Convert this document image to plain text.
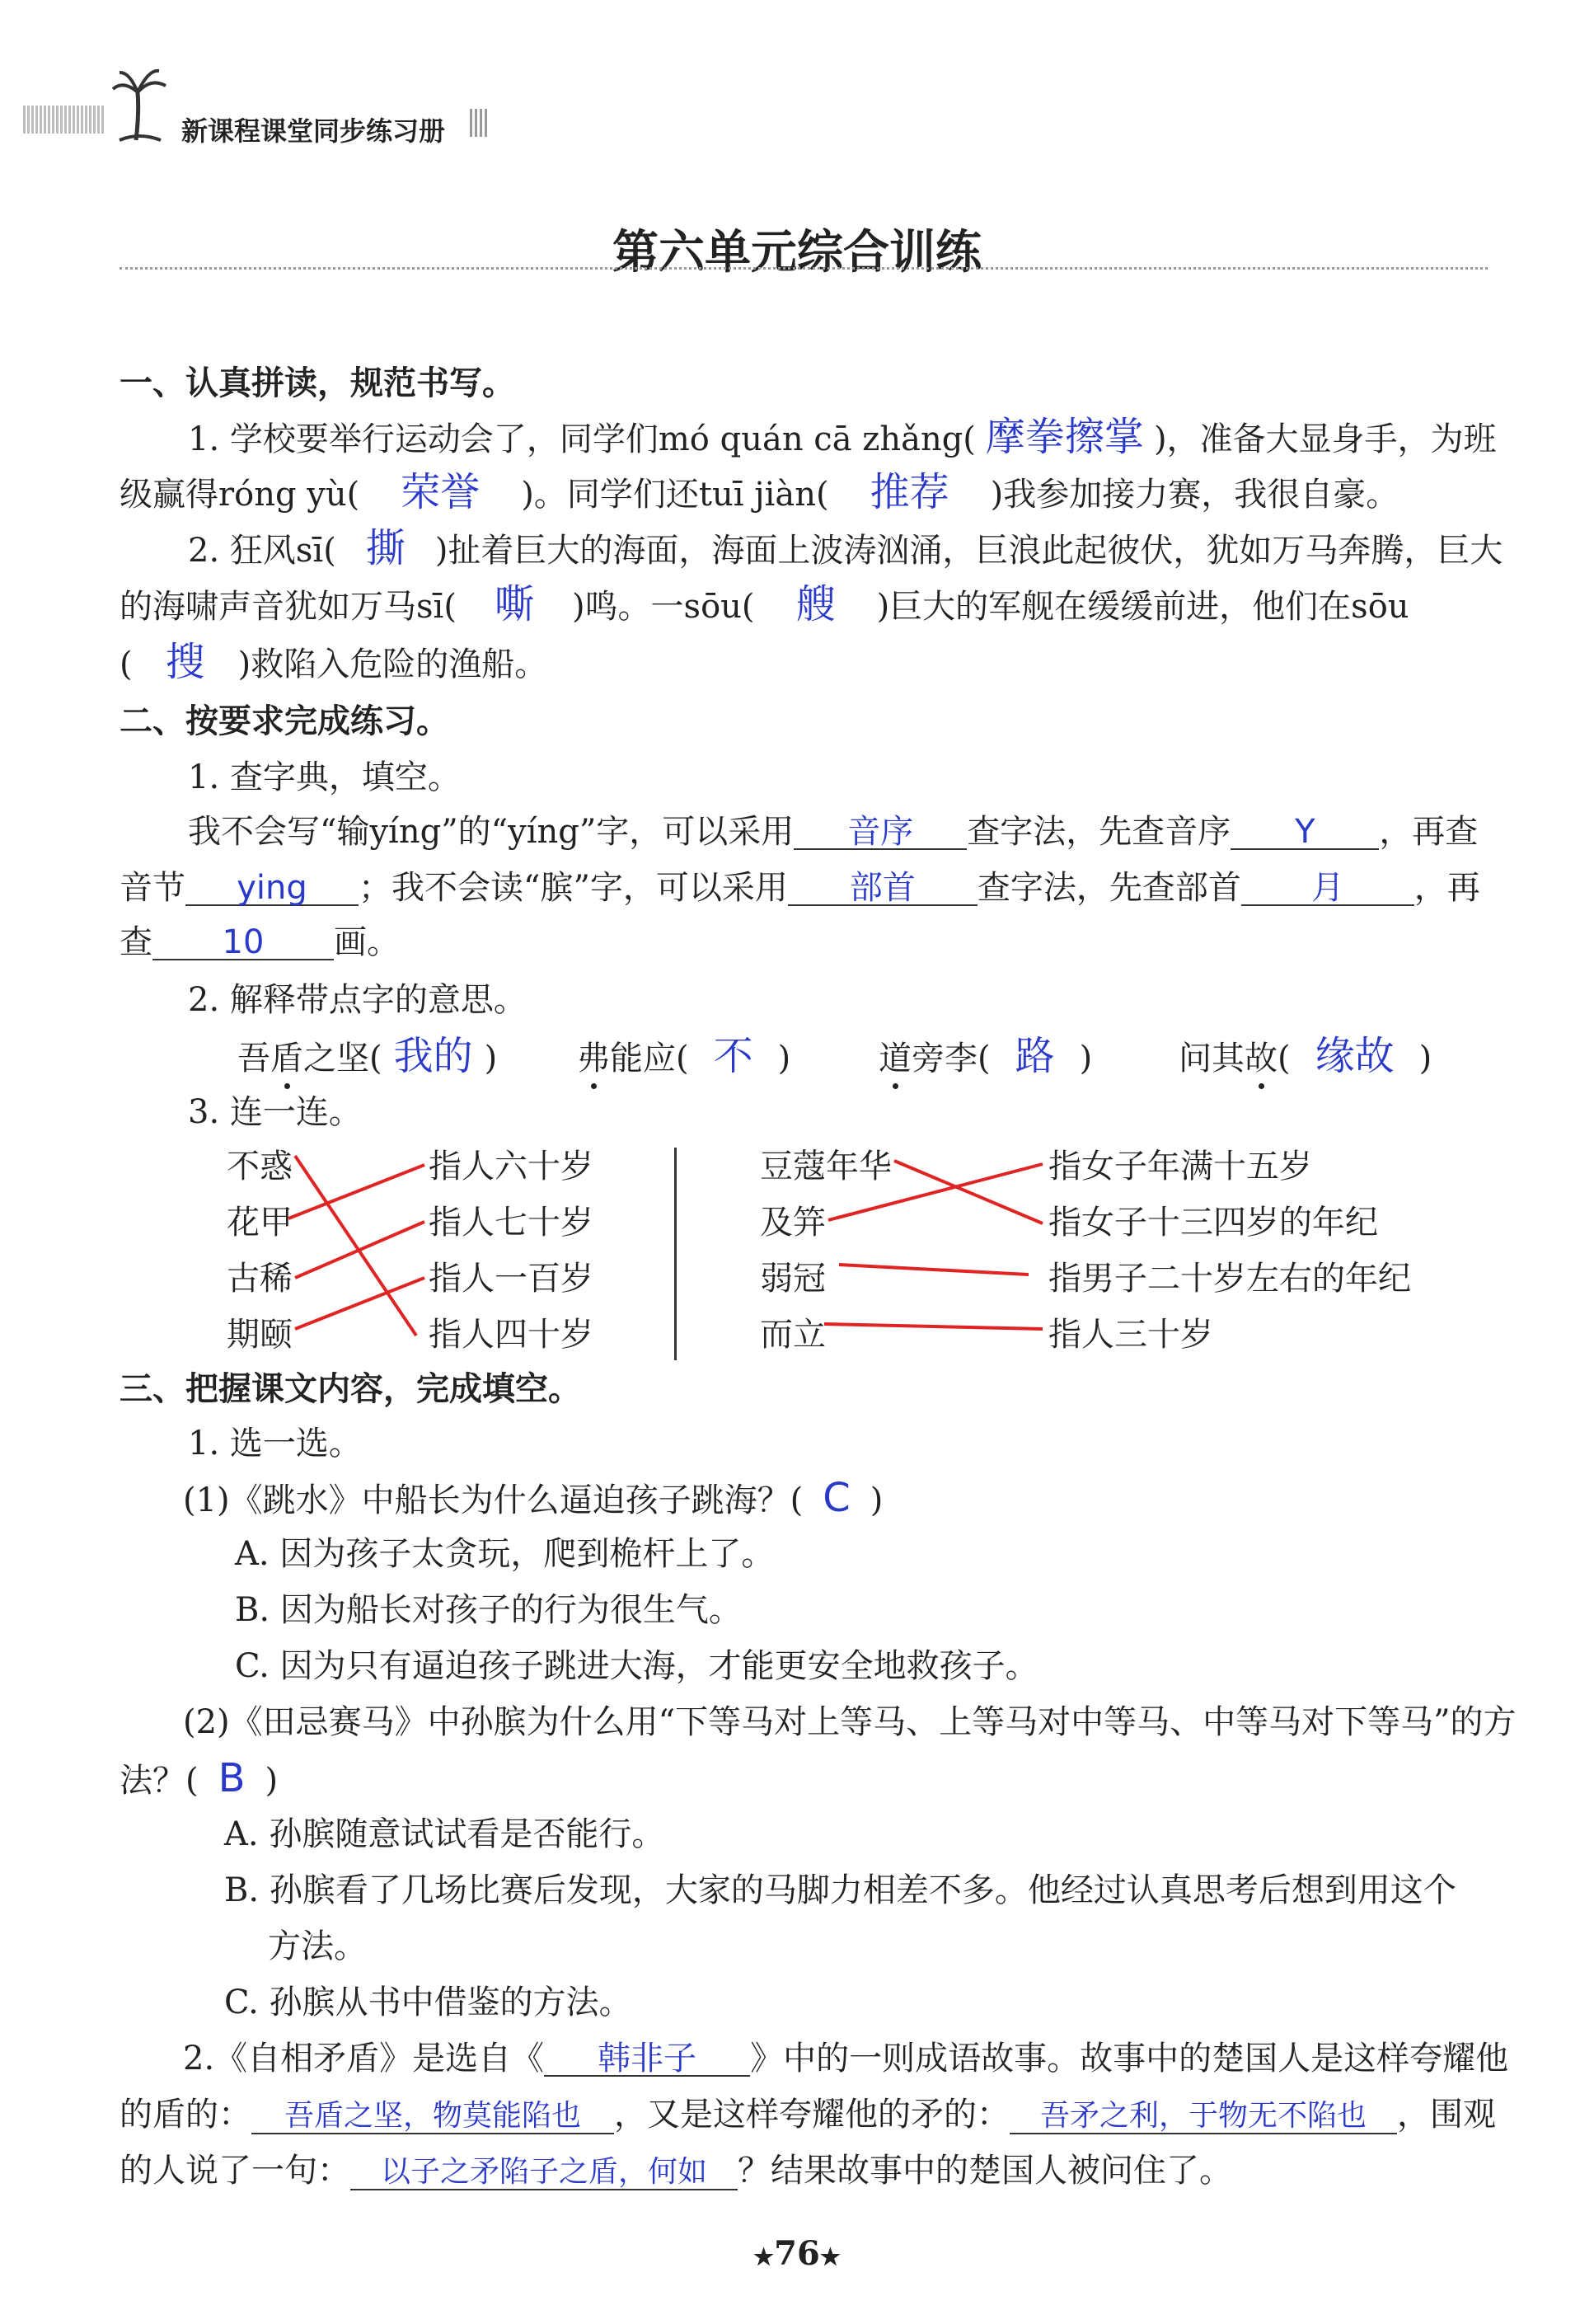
新课程课堂同步练习册
第六单元综合训练
一、认真拼读，规范书写。
1. 学校要举行运动会了，同学们mó quán cā zhǎng( 摩拳擦掌 )，准备大显身手，为班
级赢得róng yù( 荣誉 )。同学们还tuī jiàn( 推荐 )我参加接力赛，我很自豪。
2. 狂风sī( 撕 )扯着巨大的海面，海面上波涛汹涌，巨浪此起彼伏，犹如万马奔腾，巨大
的海啸声音犹如万马sī( 嘶 )鸣。一sōu( 艘 )巨大的军舰在缓缓前进，他们在sōu
( 搜 )救陷入危险的渔船。
二、按要求完成练习。
1. 查字典，填空。
我不会写“输yíng”的“yíng”字，可以采用 音序 查字法，先查音序 Y ，再查
音节 ying ；我不会读“膑”字，可以采用 部首 查字法，先查部首 月 ，再
查 10 画。
2. 解释带点字的意思。
吾盾之坚( 我的 ) 弗能应( 不 )	道旁李( 路 )	问其故( 缘故 )
3. 连一连。
不惑
花甲
古稀
期颐
指人六十岁
指人七十岁
指人一百岁
指人四十岁
豆蔻年华
及笄
弱冠
而立
指女子年满十五岁
指女子十三四岁的年纪
指男子二十岁左右的年纪
指人三十岁
三、把握课文内容，完成填空。
1. 选一选。
(1)《跳水》中船长为什么逼迫孩子跳海？( C )
A. 因为孩子太贪玩，爬到桅杆上了。
B. 因为船长对孩子的行为很生气。
C. 因为只有逼迫孩子跳进大海，才能更安全地救孩子。
(2)《田忌赛马》中孙膑为什么用“下等马对上等马、上等马对中等马、中等马对下等马”的方
法？( B )
A. 孙膑随意试试看是否能行。
B. 孙膑看了几场比赛后发现，大家的马脚力相差不多。他经过认真思考后想到用这个
方法。
C. 孙膑从书中借鉴的方法。
2.《自相矛盾》是选自《 韩非子 》中的一则成语故事。故事中的楚国人是这样夸耀他
的盾的： 吾盾之坚，物莫能陷也 ，又是这样夸耀他的矛的： 吾矛之利，于物无不陷也 ，围观
的人说了一句： 以子之矛陷子之盾，何如 ？结果故事中的楚国人被问住了。
★76★
